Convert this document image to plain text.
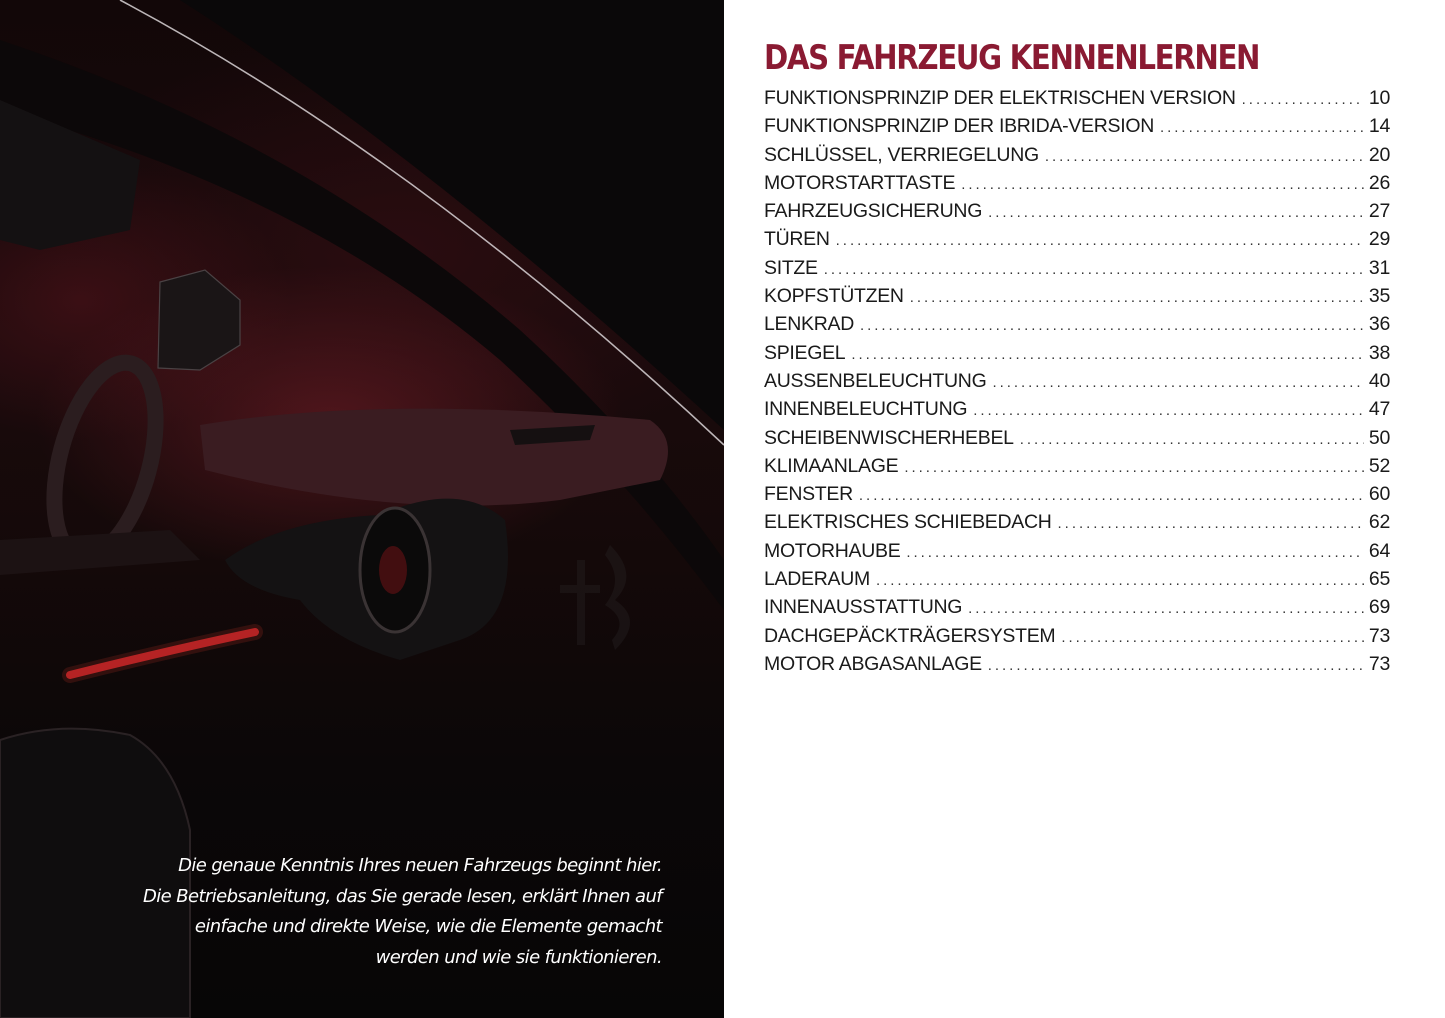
Die genaue Kenntnis Ihres neuen Fahrzeugs beginnt hier.
Die Betriebsanleitung, das Sie gerade lesen, erklärt Ihnen auf
einfache und direkte Weise, wie die Elemente gemacht
werden und wie sie funktionieren.
DAS FAHRZEUG KENNENLERNEN
FUNKTIONSPRINZIP DER ELEKTRISCHEN VERSION . . .	10
FUNKTIONSPRINZIP DER IBRIDA-VERSION . . .	14
SCHLÜSSEL, VERRIEGELUNG . . .	20
MOTORSTARTTASTE . . .	26
FAHRZEUGSICHERUNG . . .	27
TÜREN . . .	29
SITZE . . .	31
KOPFSTÜTZEN . . .	35
LENKRAD . . .	36
SPIEGEL . . .	38
AUSSENBELEUCHTUNG . . .	40
INNENBELEUCHTUNG . . .	47
SCHEIBENWISCHERHEBEL . . .	50
KLIMAANLAGE . . .	52
FENSTER . . .	60
ELEKTRISCHES SCHIEBEDACH . . .	62
MOTORHAUBE . . .	64
LADERAUM . . .	65
INNENAUSSTATTUNG . . .	69
DACHGEPÄCKTRÄGERSYSTEM . . .	73
MOTOR ABGASANLAGE . . .	73
